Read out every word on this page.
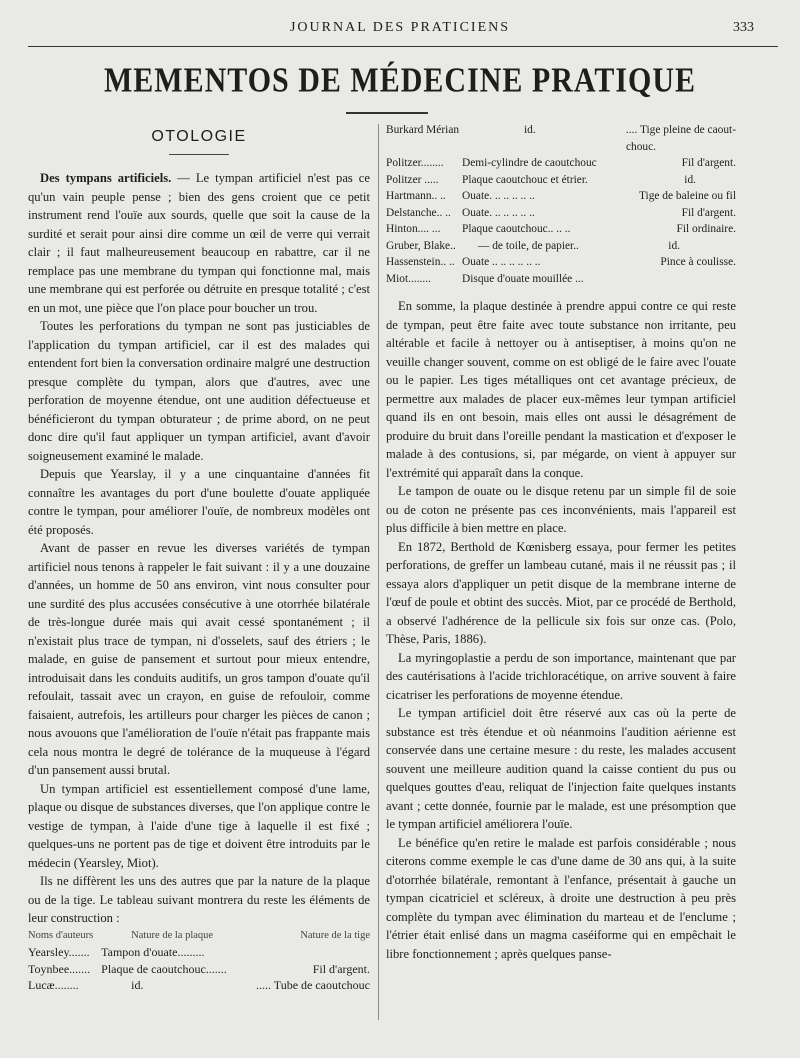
JOURNAL DES PRATICIENS	333
MEMENTOS DE MÉDECINE PRATIQUE
OTOLOGIE

Des tympans artificiels. — Le tympan artificiel n'est pas ce qu'un vain peuple pense ; bien des gens croient que ce petit instrument rend l'ouïe aux sourds, quelle que soit la cause de la surdité et serait pour ainsi dire comme un œil de verre qui verrait clair ; il faut malheureusement beaucoup en rabattre, car il ne remplace pas une membrane du tympan qui fonctionne mal, mais une membrane qui est perforée ou détruite en presque totalité ; c'est en un mot, une pièce que l'on place pour boucher un trou.

Toutes les perforations du tympan ne sont pas justiciables de l'application du tympan artificiel, car il est des malades qui entendent fort bien la conversation ordinaire malgré une destruction presque complète du tympan, alors que d'autres, avec une perforation de moyenne étendue, ont une audition défectueuse et bénéficieront du tympan obturateur ; de prime abord, on ne peut donc dire qu'il faut appliquer un tympan artificiel, avant d'avoir soigneusement examiné le malade.

Depuis que Yearslay, il y a une cinquantaine d'années fit connaître les avantages du port d'une boulette d'ouate appliquée contre le tympan, pour améliorer l'ouïe, de nombreux modèles ont été proposés.

Avant de passer en revue les diverses variétés de tympan artificiel nous tenons à rappeler le fait suivant : il y a une douzaine d'années, un homme de 50 ans environ, vint nous consulter pour une surdité des plus accusées consécutive à une otorrhée bilatérale de très-longue durée mais qui avait cessé spontanément ; il n'existait plus trace de tympan, ni d'osselets, sauf des étriers ; le malade, en guise de pansement et surtout pour mieux entendre, introduisait dans les conduits auditifs, un gros tampon d'ouate qu'il refoulait, tassait avec un crayon, en guise de refouloir, comme faisaient, autrefois, les artilleurs pour charger les pièces de canon ; nous avouons que l'amélioration de l'ouïe n'était pas frappante mais cela nous montra le degré de tolérance de la muqueuse à l'égard d'un pansement aussi brutal.

Un tympan artificiel est essentiellement composé d'une lame, plaque ou disque de substances diverses, que l'on applique contre le vestige de tympan, à l'aide d'une tige à laquelle il est fixé ; quelques-uns ne portent pas de tige et doivent être introduits par le médecin (Yearsley, Miot).

Ils ne diffèrent les uns des autres que par la nature de la plaque ou de la tige. Le tableau suivant montrera du reste les éléments de leur construction :

Noms d'auteurs	Nature de la plaque	Nature de la tige
Yearsley.......	Tampon d'ouate.........	
Toynbee.......	Plaque de caoutchouc.......	Fil d'argent.
Lucæ........	id.	..... Tube de caoutchouc
Burkard Mérian	id.	.... Tige pleine de caout-
chouc.
Politzer........ Demi-cylindre de caoutchouc	Fil d'argent.
Politzer ..... Plaque caoutchouc et étrier.	id.
Hartmann.. .. Ouate. .. .. .. .. ..	Tige de baleine ou fil
Delstanche.. .. Ouate. .. .. .. .. ..	Fil d'argent.
Hinton.... ... Plaque caoutchouc.. .. ..	Fil ordinaire.
Gruber, Blake.. — de toile, de papier..	id.
Hassenstein.. .. Ouate .. .. .. .. .. ..	Pince à coulisse.
Miot........	Disque d'ouate mouillée ...

En somme, la plaque destinée à prendre appui contre ce qui reste de tympan, peut être faite avec toute substance non irritante, peu altérable et facile à nettoyer ou à antiseptiser, à moins qu'on ne veuille changer souvent, comme on est obligé de le faire avec l'ouate ou le papier. Les tiges métalliques ont cet avantage précieux, de permettre aux malades de placer eux-mêmes leur tympan artificiel quand ils en ont besoin, mais elles ont aussi le désagrément de produire du bruit dans l'oreille pendant la mastication et d'exposer le malade à des contusions, si, par mégarde, on vient à appuyer sur l'extrémité qui apparaît dans la conque.

Le tampon de ouate ou le disque retenu par un simple fil de soie ou de coton ne présente pas ces inconvénients, mais l'appareil est plus difficile à bien mettre en place.

En 1872, Berthold de Kœnisberg essaya, pour fermer les petites perforations, de greffer un lambeau cutané, mais il ne réussit pas ; il essaya alors d'appliquer un petit disque de la membrane interne de l'œuf de poule et obtint des succès. Miot, par ce procédé de Berthold, a observé l'adhérence de la pellicule six fois sur onze cas. (Polo, Thèse, Paris, 1886).

La myringoplastie a perdu de son importance, maintenant que par des cautérisations à l'acide trichloracétique, on arrive souvent à faire cicatriser les perforations de moyenne étendue.

Le tympan artificiel doit être réservé aux cas où la perte de substance est très étendue et où néanmoins l'audition aérienne est conservée dans une certaine mesure : du reste, les malades accusent souvent une meilleure audition quand la caisse contient du pus ou quelques gouttes d'eau, reliquat de l'injection faite quelques instants avant ; cette donnée, fournie par le malade, est une présomption que le tympan artificiel améliorera l'ouïe.

Le bénéfice qu'en retire le malade est parfois considérable ; nous citerons comme exemple le cas d'une dame de 30 ans qui, à la suite d'otorrhée bilatérale, remontant à l'enfance, présentait à gauche un tympan cicatriciel et scléreux, à droite une destruction à peu près complète du tympan avec élimination du marteau et de l'enclume ; l'étrier était enlisé dans un magma caséiforme qui en empêchait le libre fonctionnement ; après quelques panse-
